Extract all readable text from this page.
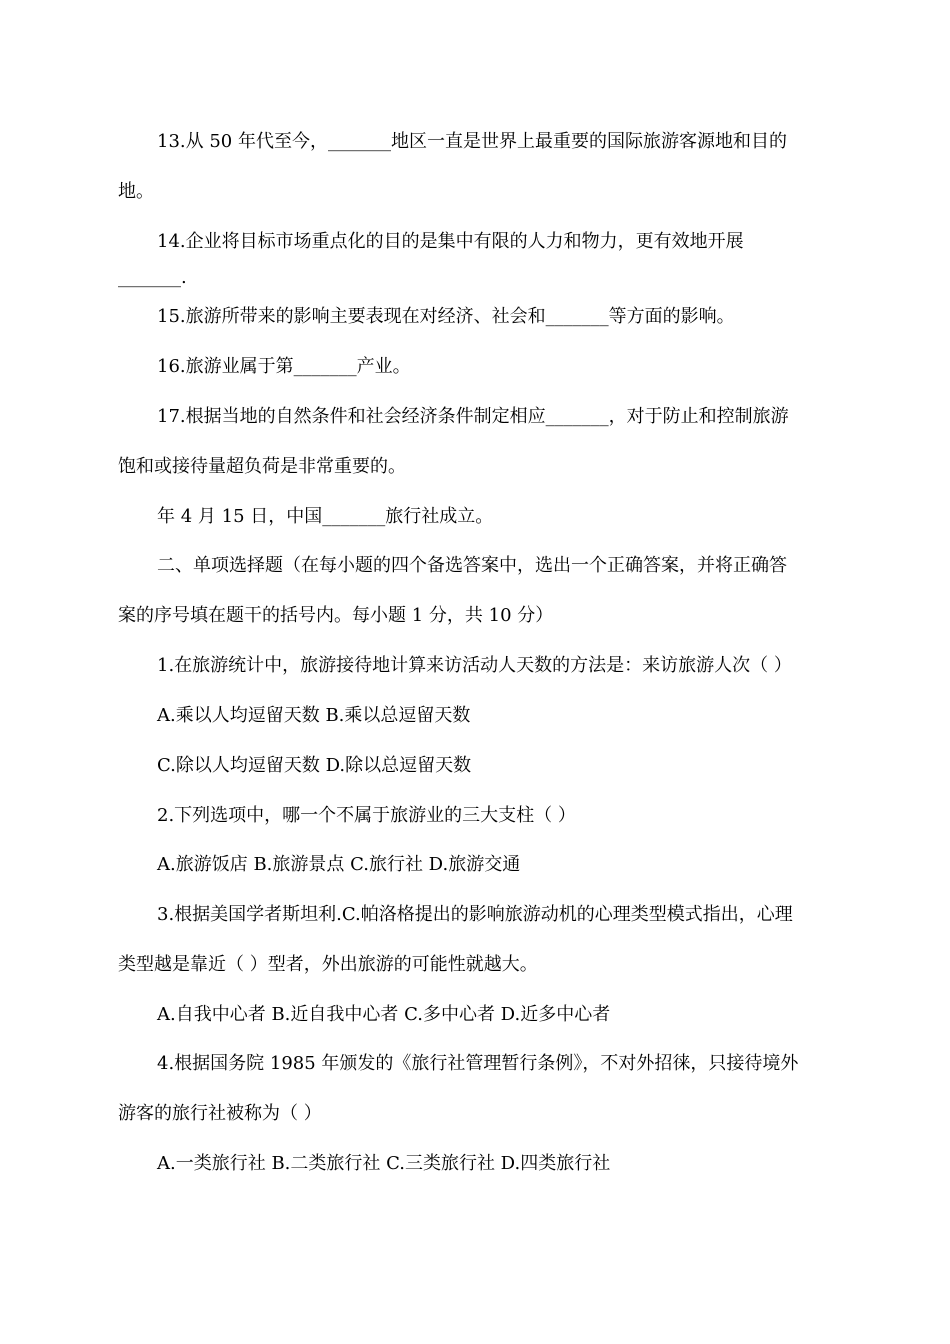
13.从 50 年代至今，_______地区一直是世界上最重要的国际旅游客源地和目的

地。

14.企业将目标市场重点化的目的是集中有限的人力和物力，更有效地开展

_______.

15.旅游所带来的影响主要表现在对经济、社会和_______等方面的影响。

16.旅游业属于第_______产业。

17.根据当地的自然条件和社会经济条件制定相应_______，对于防止和控制旅游

饱和或接待量超负荷是非常重要的。

年 4 月 15 日，中国_______旅行社成立。

二、单项选择题（在每小题的四个备选答案中，选出一个正确答案，并将正确答

案的序号填在题干的括号内。每小题 1 分，共 10 分）

1.在旅游统计中，旅游接待地计算来访活动人天数的方法是：来访旅游人次（ ）

A.乘以人均逗留天数 B.乘以总逗留天数

C.除以人均逗留天数 D.除以总逗留天数

2.下列选项中，哪一个不属于旅游业的三大支柱（ ）

A.旅游饭店 B.旅游景点 C.旅行社 D.旅游交通

3.根据美国学者斯坦利.C.帕洛格提出的影响旅游动机的心理类型模式指出，心理

类型越是靠近（ ）型者，外出旅游的可能性就越大。

A.自我中心者 B.近自我中心者 C.多中心者 D.近多中心者

4.根据国务院 1985 年颁发的《旅行社管理暂行条例》，不对外招徕，只接待境外

游客的旅行社被称为（ ）

A.一类旅行社 B.二类旅行社 C.三类旅行社 D.四类旅行社
